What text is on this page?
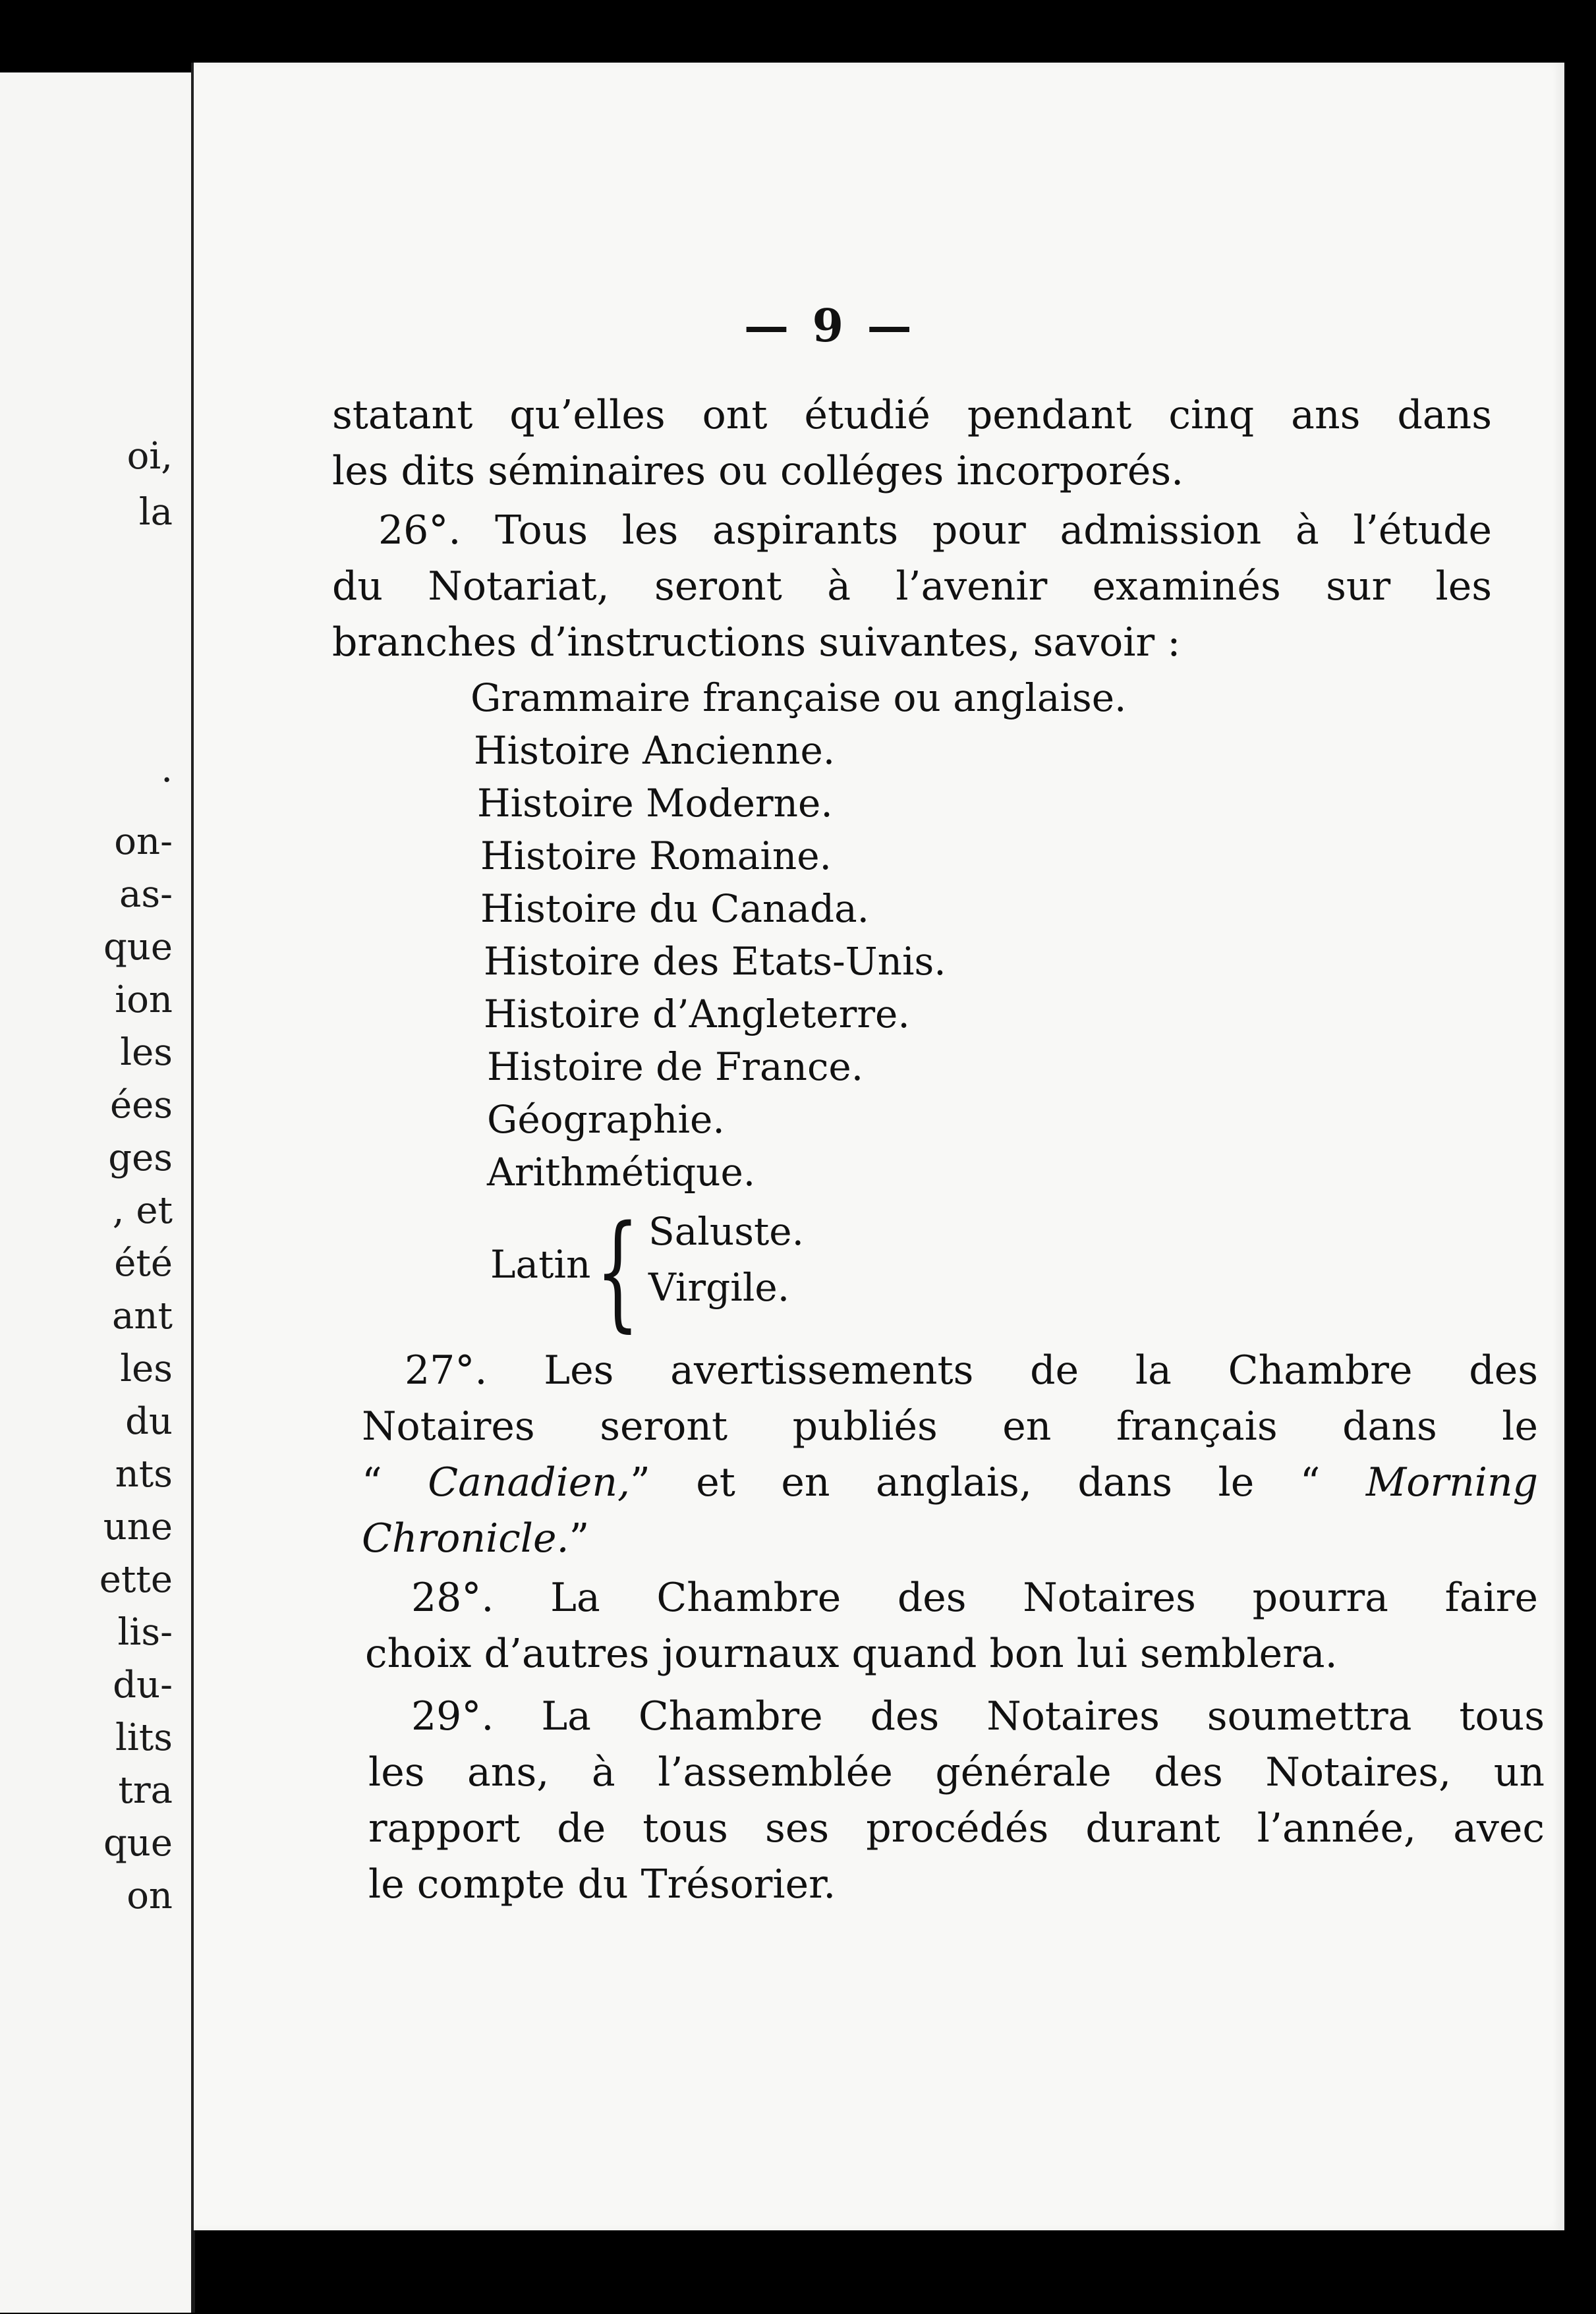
oi,
la
.
on-
as-
que
ion
les
ées
ges
, et
été
ant
les
du
nts
une
ette
lis-
du-
lits
tra
que
on
— 9 —
statant qu’elles ont étudié pendant cinq ans dans
les dits séminaires ou colléges incorporés.
26°. Tous les aspirants pour admission à l’étude
du Notariat, seront à l’avenir examinés sur les
branches d’instructions suivantes, savoir :
Grammaire française ou anglaise.
Histoire Ancienne.
Histoire Moderne.
Histoire Romaine.
Histoire du Canada.
Histoire des Etats-Unis.
Histoire d’Angleterre.
Histoire de France.
Géographie.
Arithmétique.
Latin { Saluste.
Virgile.
27°. Les avertissements de la Chambre des
Notaires seront publiés en français dans le
“ Canadien,” et en anglais, dans le “ Morning
Chronicle.”
28°. La Chambre des Notaires pourra faire
choix d’autres journaux quand bon lui semblera.
29°. La Chambre des Notaires soumettra tous
les ans, à l’assemblée générale des Notaires, un
rapport de tous ses procédés durant l’année, avec
le compte du Trésorier.
